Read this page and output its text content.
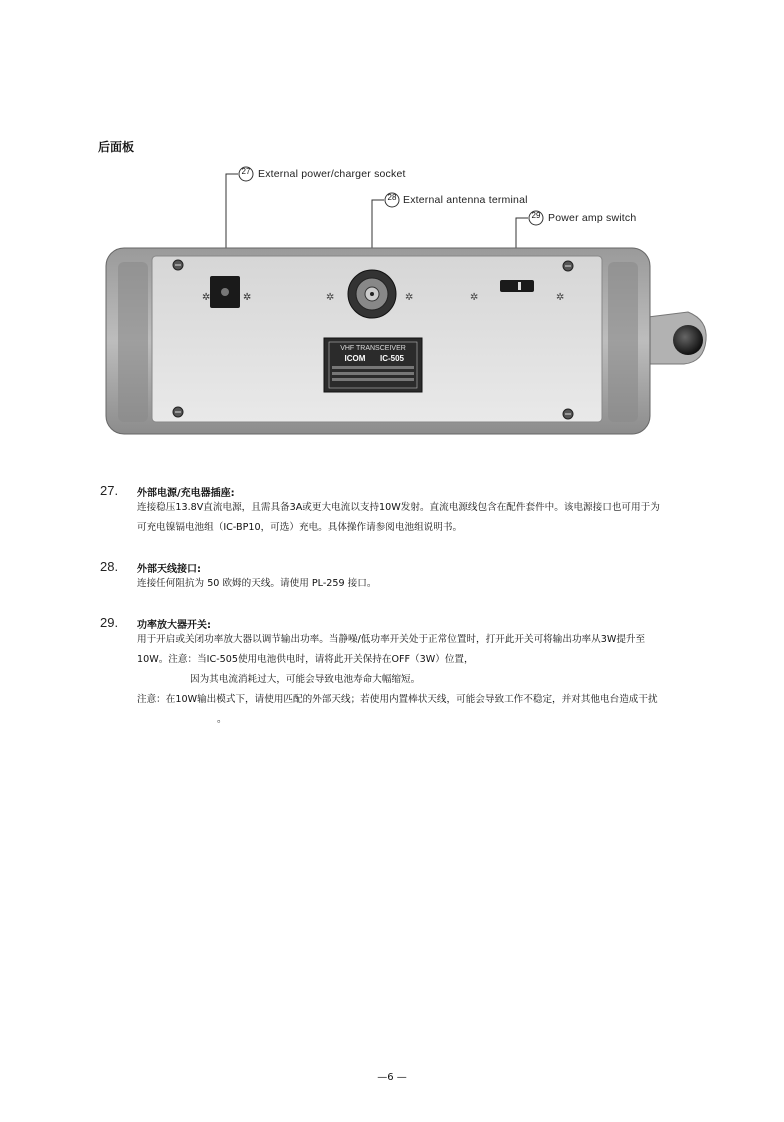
后面板
✲	✲	✲	✲	✲	✲
VHF TRANSCEIVER
ICOM IC-505
27
28
29
External power/charger socket
External antenna terminal
Power amp switch
27. 外部电源/充电器插座:
连接稳压13.8V直流电源，且需具备3A或更大电流以支持10W发射。直流电源线包含在配件套件中。该电源接口也可用于为
可充电镍镉电池组（IC-BP10，可选）充电。具体操作请参阅电池组说明书。
28. 外部天线接口:
连接任何阻抗为 50 欧姆的天线。请使用 PL-259 接口。
29. 功率放大器开关:
用于开启或关闭功率放大器以调节输出功率。当静噪/低功率开关处于正常位置时，打开此开关可将输出功率从3W提升至
10W。注意：当IC-505使用电池供电时，请将此开关保持在OFF（3W）位置，
因为其电流消耗过大，可能会导致电池寿命大幅缩短。
注意：在10W输出模式下，请使用匹配的外部天线；若使用内置棒状天线，可能会导致工作不稳定，并对其他电台造成干扰
。
—6 —
